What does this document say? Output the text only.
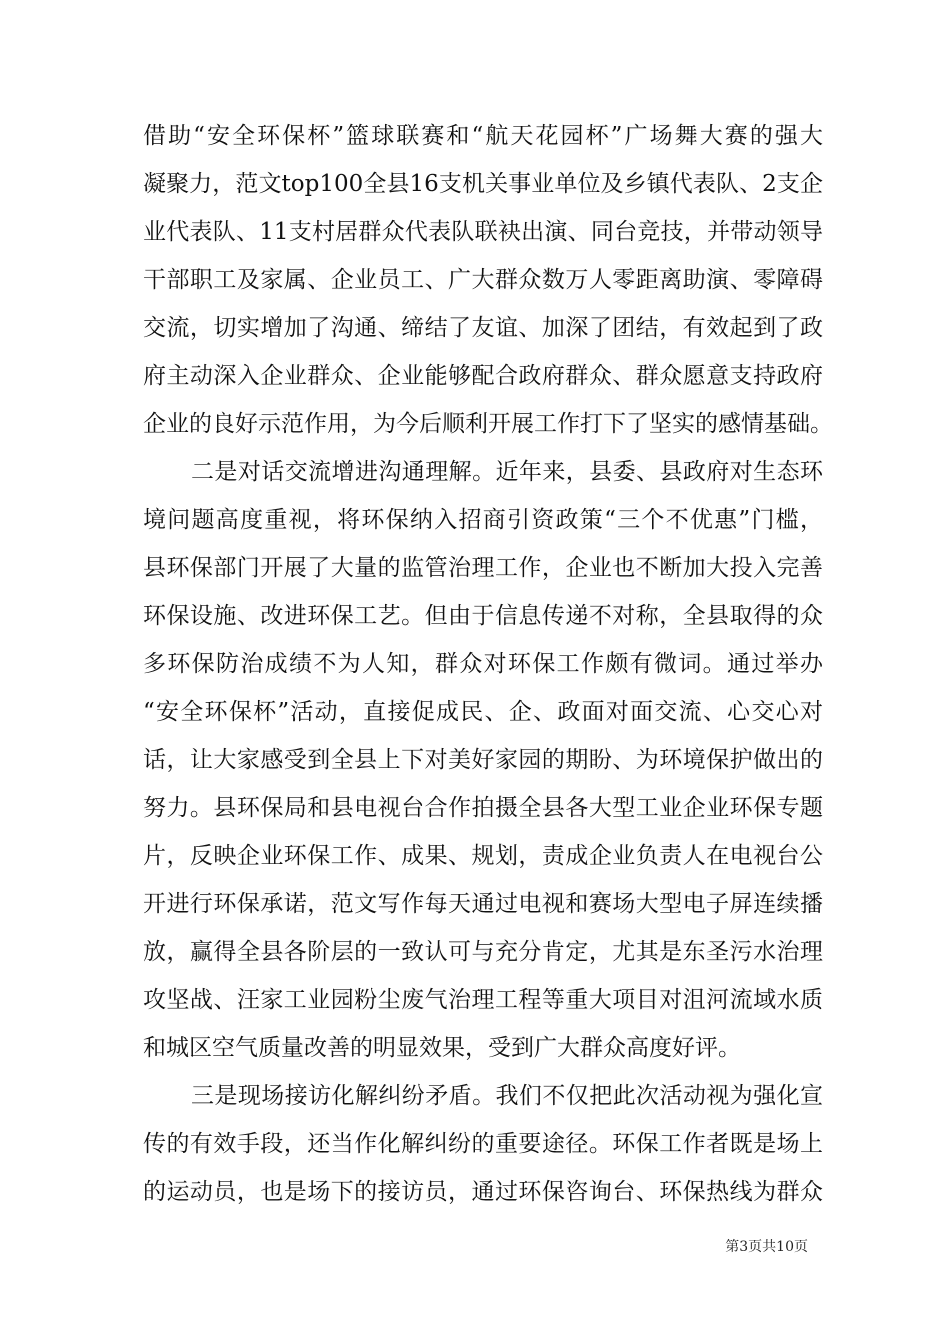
借助“安全环保杯”篮球联赛和“航天花园杯”广场舞大赛的强大
凝聚力，范文top100全县16支机关事业单位及乡镇代表队、2支企
业代表队、11支村居群众代表队联袂出演、同台竞技，并带动领导
干部职工及家属、企业员工、广大群众数万人零距离助演、零障碍
交流，切实增加了沟通、缔结了友谊、加深了团结，有效起到了政
府主动深入企业群众、企业能够配合政府群众、群众愿意支持政府
企业的良好示范作用，为今后顺利开展工作打下了坚实的感情基础。
二是对话交流增进沟通理解。近年来，县委、县政府对生态环
境问题高度重视，将环保纳入招商引资政策“三个不优惠”门槛，
县环保部门开展了大量的监管治理工作，企业也不断加大投入完善
环保设施、改进环保工艺。但由于信息传递不对称，全县取得的众
多环保防治成绩不为人知，群众对环保工作颇有微词。通过举办
“安全环保杯”活动，直接促成民、企、政面对面交流、心交心对
话，让大家感受到全县上下对美好家园的期盼、为环境保护做出的
努力。县环保局和县电视台合作拍摄全县各大型工业企业环保专题
片，反映企业环保工作、成果、规划，责成企业负责人在电视台公
开进行环保承诺，范文写作每天通过电视和赛场大型电子屏连续播
放，赢得全县各阶层的一致认可与充分肯定，尤其是东圣污水治理
攻坚战、汪家工业园粉尘废气治理工程等重大项目对沮河流域水质
和城区空气质量改善的明显效果，受到广大群众高度好评。
三是现场接访化解纠纷矛盾。我们不仅把此次活动视为强化宣
传的有效手段，还当作化解纠纷的重要途径。环保工作者既是场上
的运动员，也是场下的接访员，通过环保咨询台、环保热线为群众
做好环保政策的咨询解答和环保问题的反映投诉，广泛征集市民对
加强环保工作的意见建议，及时调处化解环境矛盾纠纷。登记在册
的数据显示，活动期间共计设置咨询台20场次，接待群众咨询和投
诉367人次（其中：现场接访超过300人次），妥善处理环境矛盾
纠纷21起。
三、以有效的载体推动精神文明建设
第3页共10页
